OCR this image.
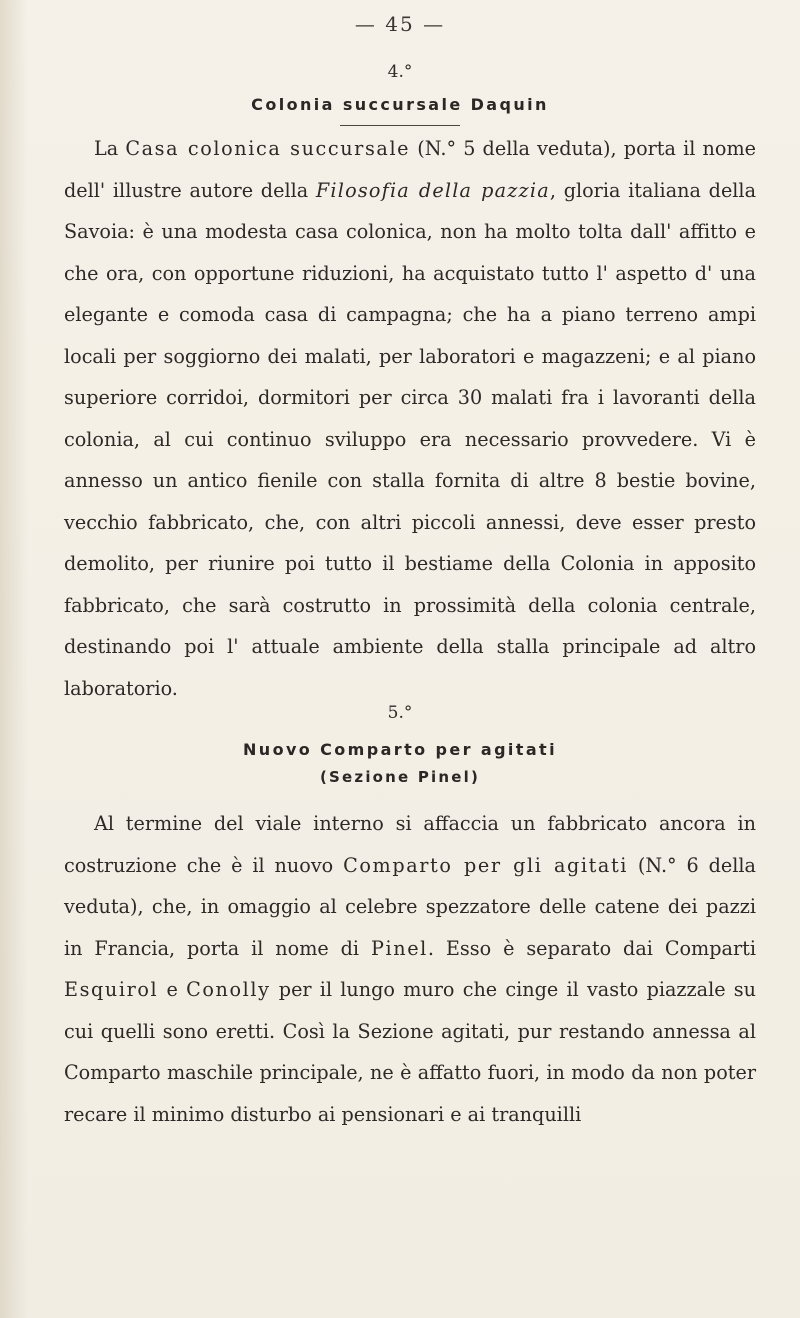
— 45 —
4.°
Colonia succursale Daquin

La Casa colonica succursale (N.° 5 della veduta), porta il nome dell' illustre autore della Filosofia della pazzia, gloria italiana della Savoia: è una modesta casa colonica, non ha molto tolta dall' affitto e che ora, con opportune riduzioni, ha acquistato tutto l' aspetto d' una elegante e comoda casa di campagna; che ha a piano terreno ampi locali per soggiorno dei malati, per laboratori e magazzeni; e al piano superiore corridoi, dormitori per circa 30 malati fra i lavoranti della colonia, al cui continuo sviluppo era necessario provvedere. Vi è annesso un antico fienile con stalla fornita di altre 8 bestie bovine, vecchio fabbricato, che, con altri piccoli annessi, deve esser presto demolito, per riunire poi tutto il bestiame della Colonia in apposito fabbricato, che sarà costrutto in prossimità della colonia centrale, destinando poi l' attuale ambiente della stalla principale ad altro laboratorio.

5.°
Nuovo Comparto per agitati
(Sezione Pinel)

Al termine del viale interno si affaccia un fabbricato ancora in costruzione che è il nuovo Comparto per gli agitati (N.° 6 della veduta), che, in omaggio al celebre spezzatore delle catene dei pazzi in Francia, porta il nome di Pinel. Esso è separato dai Comparti Esquirol e Conolly per il lungo muro che cinge il vasto piazzale su cui quelli sono eretti. Così la Sezione agitati, pur restando annessa al Comparto maschile principale, ne è affatto fuori, in modo da non poter recare il minimo disturbo ai pensionari e ai tranquilli
